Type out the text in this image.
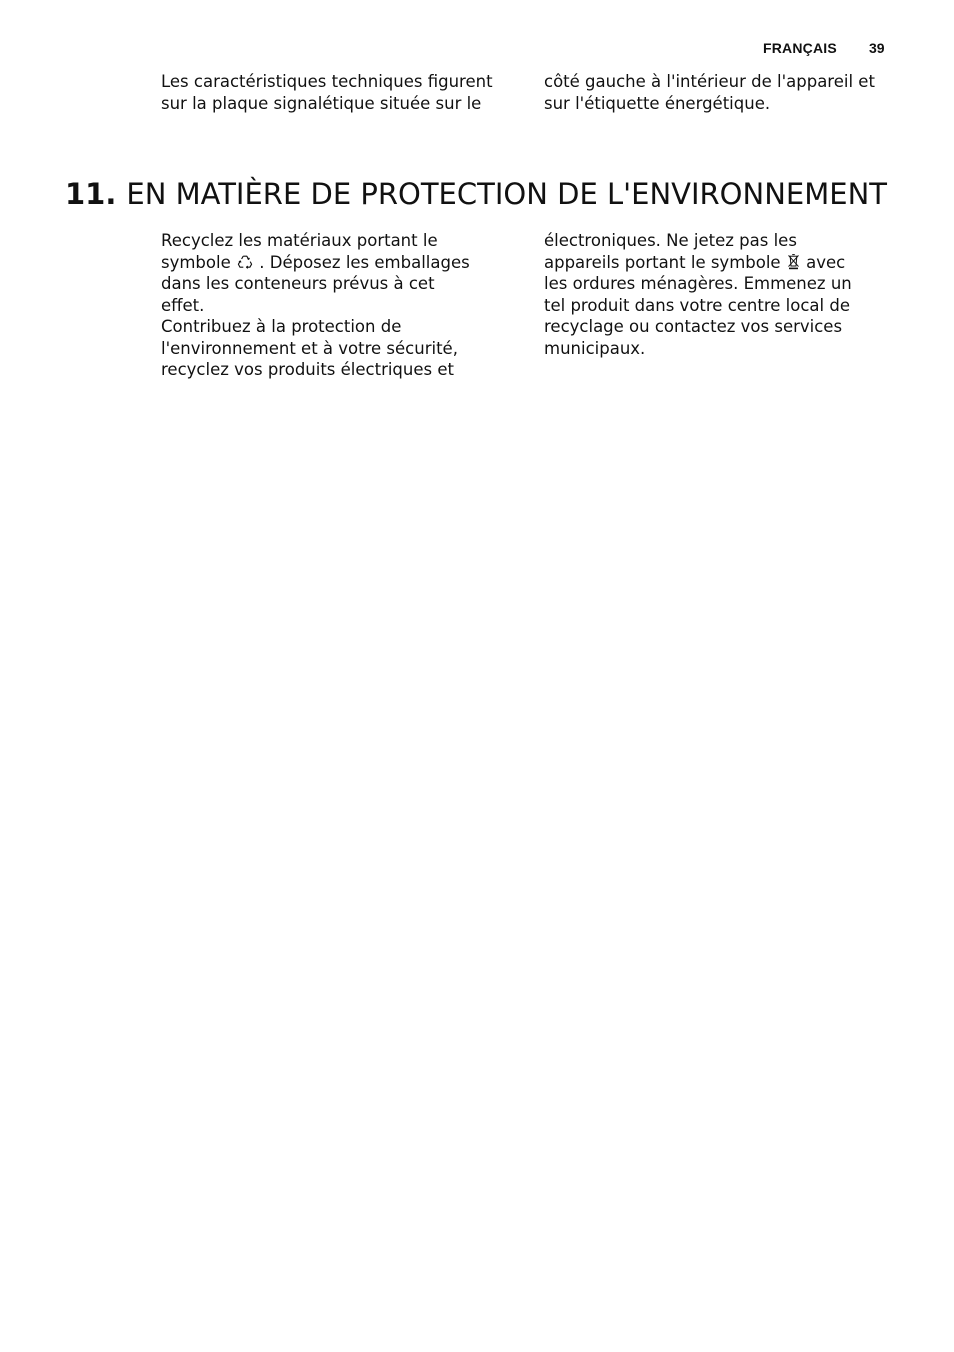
FRANÇAIS 39
Les caractéristiques techniques figurent
sur la plaque signalétique située sur le
côté gauche à l'intérieur de l'appareil et
sur l'étiquette énergétique.
11. EN MATIÈRE DE PROTECTION DE L'ENVIRONNEMENT
Recyclez les matériaux portant le
symbole . Déposez les emballages
dans les conteneurs prévus à cet
effet.
Contribuez à la protection de
l'environnement et à votre sécurité,
recyclez vos produits électriques et
électroniques. Ne jetez pas les
appareils portant le symbole avec
les ordures ménagères. Emmenez un
tel produit dans votre centre local de
recyclage ou contactez vos services
municipaux.
